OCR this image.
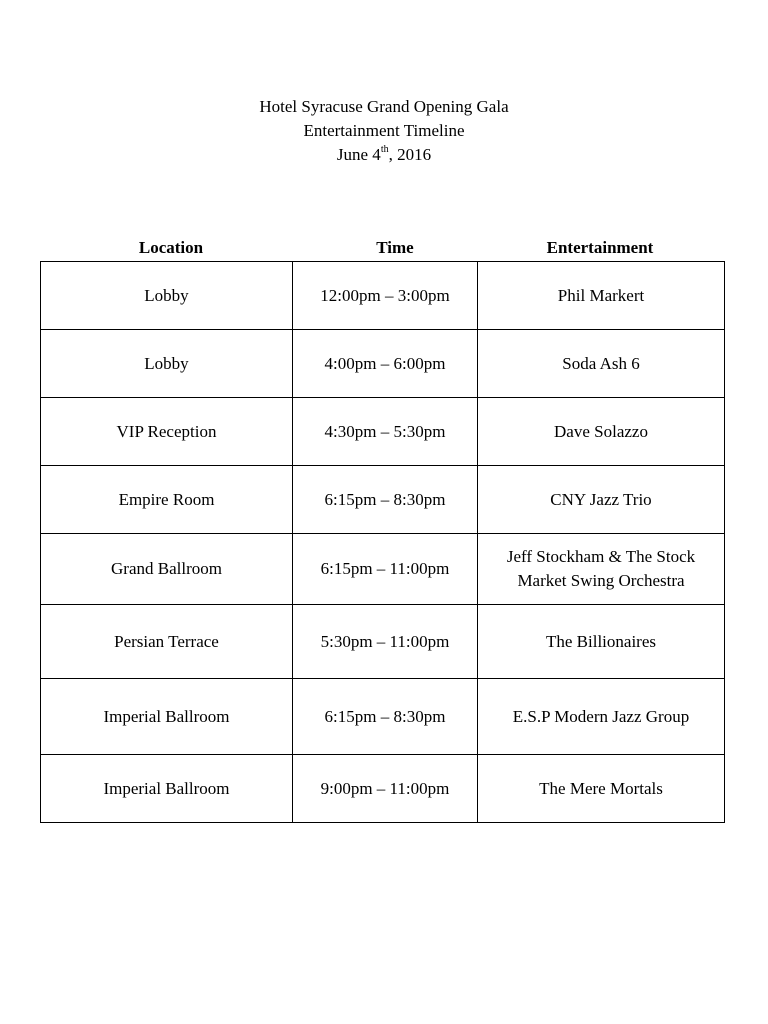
Hotel Syracuse Grand Opening Gala
Entertainment Timeline
June 4th, 2016
Location	Time	Entertainment
Lobby	12:00pm – 3:00pm	Phil Markert
Lobby	4:00pm – 6:00pm	Soda Ash 6
VIP Reception	4:30pm – 5:30pm	Dave Solazzo
Empire Room	6:15pm – 8:30pm	CNY Jazz Trio
Grand Ballroom	6:15pm – 11:00pm	Jeff Stockham & The Stock Market Swing Orchestra
Persian Terrace	5:30pm – 11:00pm	The Billionaires
Imperial Ballroom	6:15pm – 8:30pm	E.S.P Modern Jazz Group
Imperial Ballroom	9:00pm – 11:00pm	The Mere Mortals
